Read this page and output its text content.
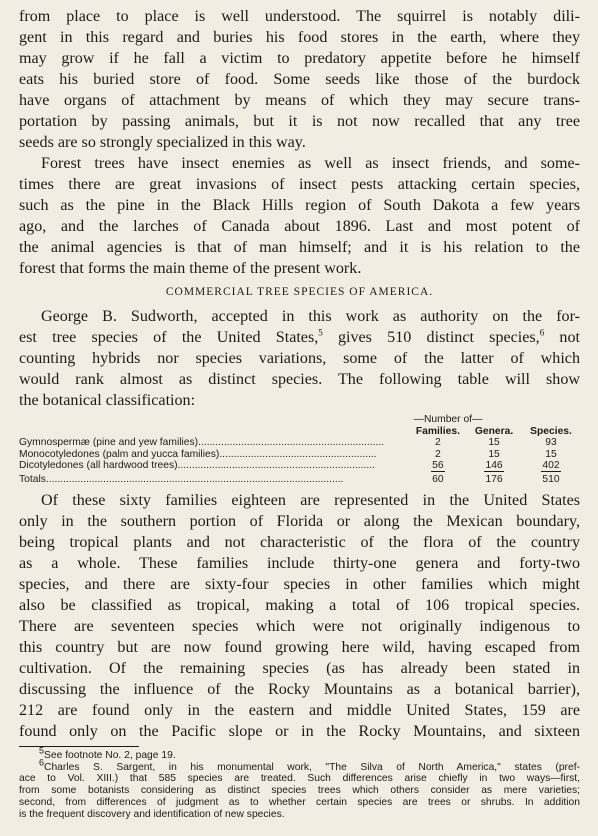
from place to place is well understood. The squirrel is notably dili-

gent in this regard and buries his food stores in the earth, where they

may grow if he fall a victim to predatory appetite before he himself

eats his buried store of food. Some seeds like those of the burdock

have organs of attachment by means of which they may secure trans-

portation by passing animals, but it is not now recalled that any tree

seeds are so strongly specialized in this way.

Forest trees have insect enemies as well as insect friends, and some-

times there are great invasions of insect pests attacking certain species,

such as the pine in the Black Hills region of South Dakota a few years

ago, and the larches of Canada about 1896. Last and most potent of

the animal agencies is that of man himself; and it is his relation to the

forest that forms the main theme of the present work.

COMMERCIAL TREE SPECIES OF AMERICA.

George B. Sudworth, accepted in this work as authority on the for-

est tree species of the United States,$^5$ gives 510 distinct species,$^6$ not

counting hybrids nor species variations, some of the latter of which

would rank almost as distinct species. The following table will show

the botanical classification:

	—Number of—		
	Families.	Genera.	Species.

Gymnospermæ (pine and yew families).................................................................	2	15	93

Monocotyledones (palm and yucca families).......................................................	2	15	15

Dicotyledones (all hardwood trees).....................................................................	56	146	402

Totals........................................................................................................	60	176	510

Of these sixty families eighteen are represented in the United States

only in the southern portion of Florida or along the Mexican boundary,

being tropical plants and not characteristic of the flora of the country

as a whole. These families include thirty-one genera and forty-two

species, and there are sixty-four species in other families which might

also be classified as tropical, making a total of 106 tropical species.

There are seventeen species which were not originally indigenous to

this country but are now found growing here wild, having escaped from

cultivation. Of the remaining species (as has already been stated in

discussing the influence of the Rocky Mountains as a botanical barrier),

212 are found only in the eastern and middle United States, 159 are

found only on the Pacific slope or in the Rocky Mountains, and sixteen

$^5$See footnote No. 2, page 19.

$^6$Charles S. Sargent, in his monumental work, "The Silva of North America," states (pref-

ace to Vol. XIII.) that 585 species are treated. Such differences arise chiefly in two ways—first,

from some botanists considering as distinct species trees which others consider as mere varieties;

second, from differences of judgment as to whether certain species are trees or shrubs. In addition

is the frequent discovery and identification of new species.
